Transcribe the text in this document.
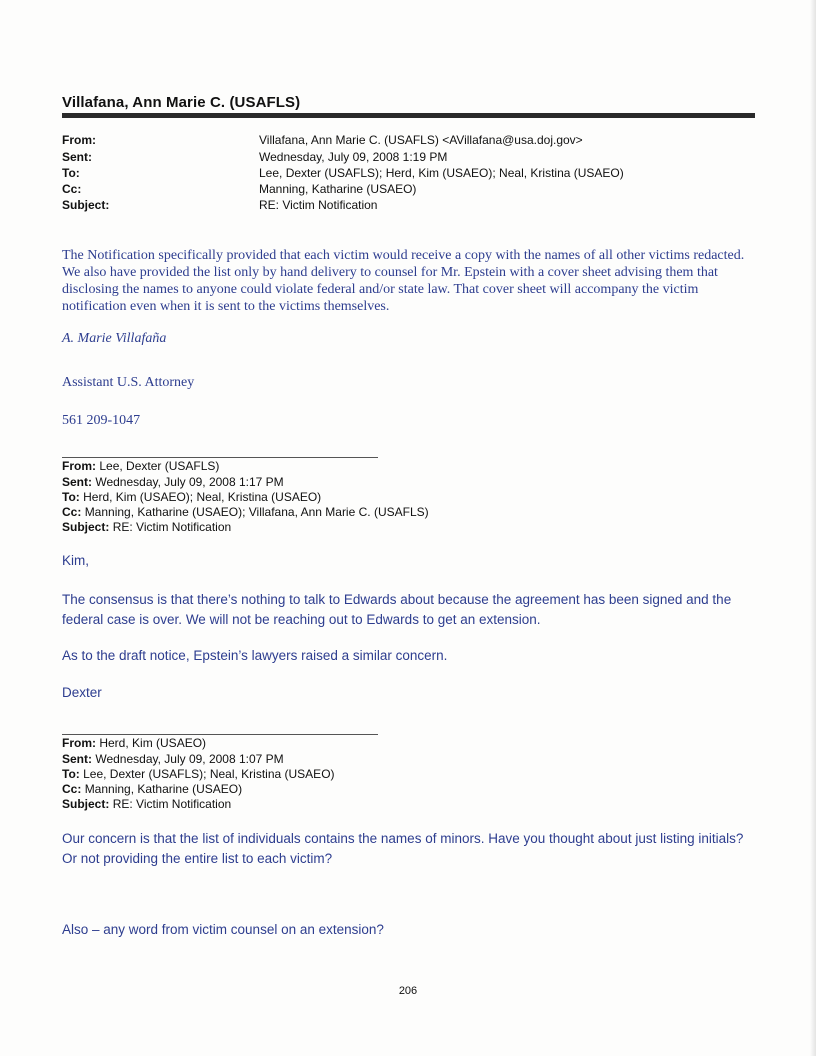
Villafana, Ann Marie C. (USAFLS)
From:	Villafana, Ann Marie C. (USAFLS) <AVillafana@usa.doj.gov>
Sent:	Wednesday, July 09, 2008 1:19 PM
To:	Lee, Dexter (USAFLS); Herd, Kim (USAEO); Neal, Kristina (USAEO)
Cc:	Manning, Katharine (USAEO)
Subject:	RE: Victim Notification
The Notification specifically provided that each victim would receive a copy with the names of all other victims redacted. We also have provided the list only by hand delivery to counsel for Mr. Epstein with a cover sheet advising them that disclosing the names to anyone could violate federal and/or state law. That cover sheet will accompany the victim notification even when it is sent to the victims themselves.
A. Marie Villafaña
Assistant U.S. Attorney
561 209-1047
From: Lee, Dexter (USAFLS)
Sent: Wednesday, July 09, 2008 1:17 PM
To: Herd, Kim (USAEO); Neal, Kristina (USAEO)
Cc: Manning, Katharine (USAEO); Villafana, Ann Marie C. (USAFLS)
Subject: RE: Victim Notification
Kim,
The consensus is that there’s nothing to talk to Edwards about because the agreement has been signed and the federal case is over. We will not be reaching out to Edwards to get an extension.
As to the draft notice, Epstein’s lawyers raised a similar concern.
Dexter
From: Herd, Kim (USAEO)
Sent: Wednesday, July 09, 2008 1:07 PM
To: Lee, Dexter (USAFLS); Neal, Kristina (USAEO)
Cc: Manning, Katharine (USAEO)
Subject: RE: Victim Notification
Our concern is that the list of individuals contains the names of minors. Have you thought about just listing initials? Or not providing the entire list to each victim?
Also – any word from victim counsel on an extension?
206
